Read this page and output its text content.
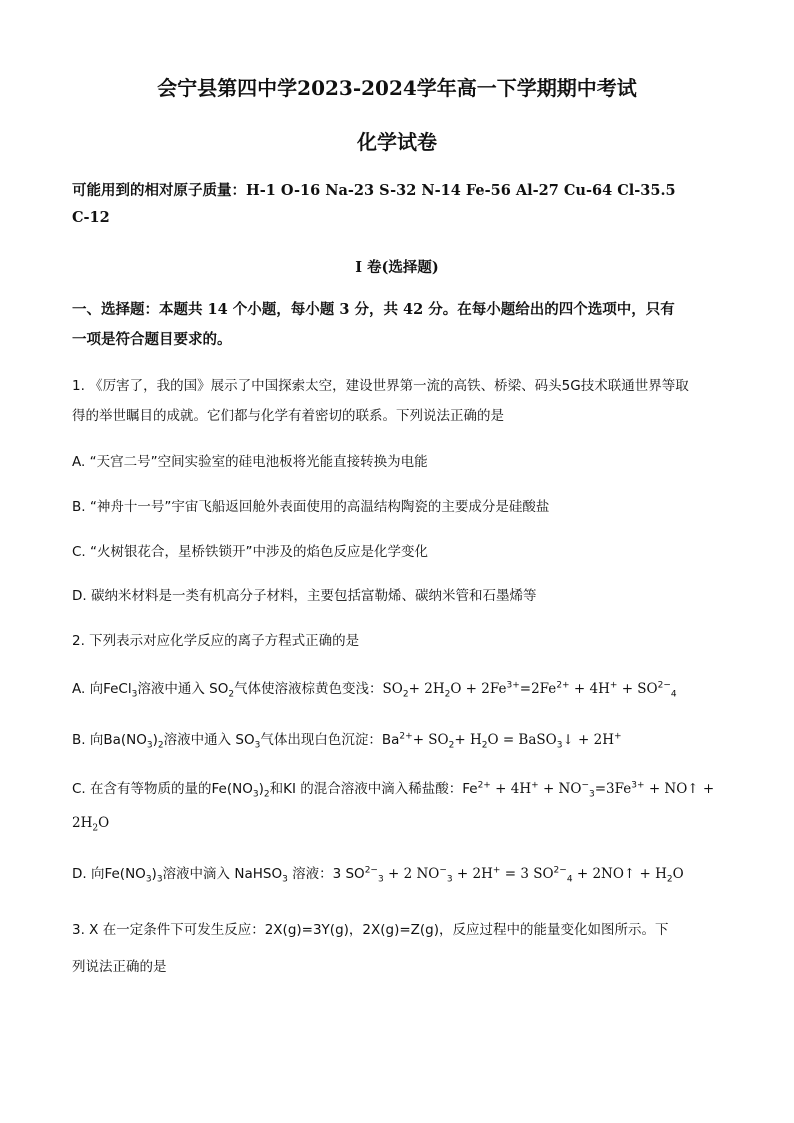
会宁县第四中学2023-2024学年高一下学期期中考试
化学试卷
可能用到的相对原子质量：H-1 O-16 Na-23 S-32 N-14 Fe-56 Al-27 Cu-64 Cl-35.5
C-12
I 卷(选择题)
一、选择题：本题共 14 个小题，每小题 3 分，共 42 分。在每小题给出的四个选项中，只有
一项是符合题目要求的。
1. 《厉害了，我的国》展示了中国探索太空，建设世界第一流的高铁、桥梁、码头5G技术联通世界等取
得的举世瞩目的成就。它们都与化学有着密切的联系。下列说法正确的是
A. “天宫二号”空间实验室的硅电池板将光能直接转换为电能
B. “神舟十一号”宇宙飞船返回舱外表面使用的高温结构陶瓷的主要成分是硅酸盐
C. “火树银花合，星桥铁锁开”中涉及的焰色反应是化学变化
D. 碳纳米材料是一类有机高分子材料，主要包括富勒烯、碳纳米管和石墨烯等
2. 下列表示对应化学反应的离子方程式正确的是
A. 向FeCl$_3$溶液中通入 $SO_2$气体使溶液棕黄色变浅：$SO_2+ 2H_2O + 2Fe^{3+}=2Fe^{2+} + 4H^+ + SO^{2-}_4$
B. 向$Ba(NO_3)_2$溶液中通入 $SO_3$气体出现白色沉淀：$Ba^{2+}+ SO_2+ H_2O$ = BaSO$_3$↓ + 2H+
C. 在含有等物质的量的$Fe(NO_3)_2$和KI 的混合溶液中滴入稀盐酸：$Fe^{2+} + 4H^+ + NO^-_3=3Fe^{3+}$ + NO↑ +
$2H_2O$
D. 向$Fe(NO_3)_3$溶液中滴入 NaHSO$_3$ 溶液：3 $SO^{2-}_3 + 2$ $NO^-_3 + 2H^+ = 3$ $SO^{2-}_4$ + 2NO↑ + $H_2O$
3. X 在一定条件下可发生反应：2X(g)=3Y(g)，2X(g)=Z(g)，反应过程中的能量变化如图所示。下
列说法正确的是
